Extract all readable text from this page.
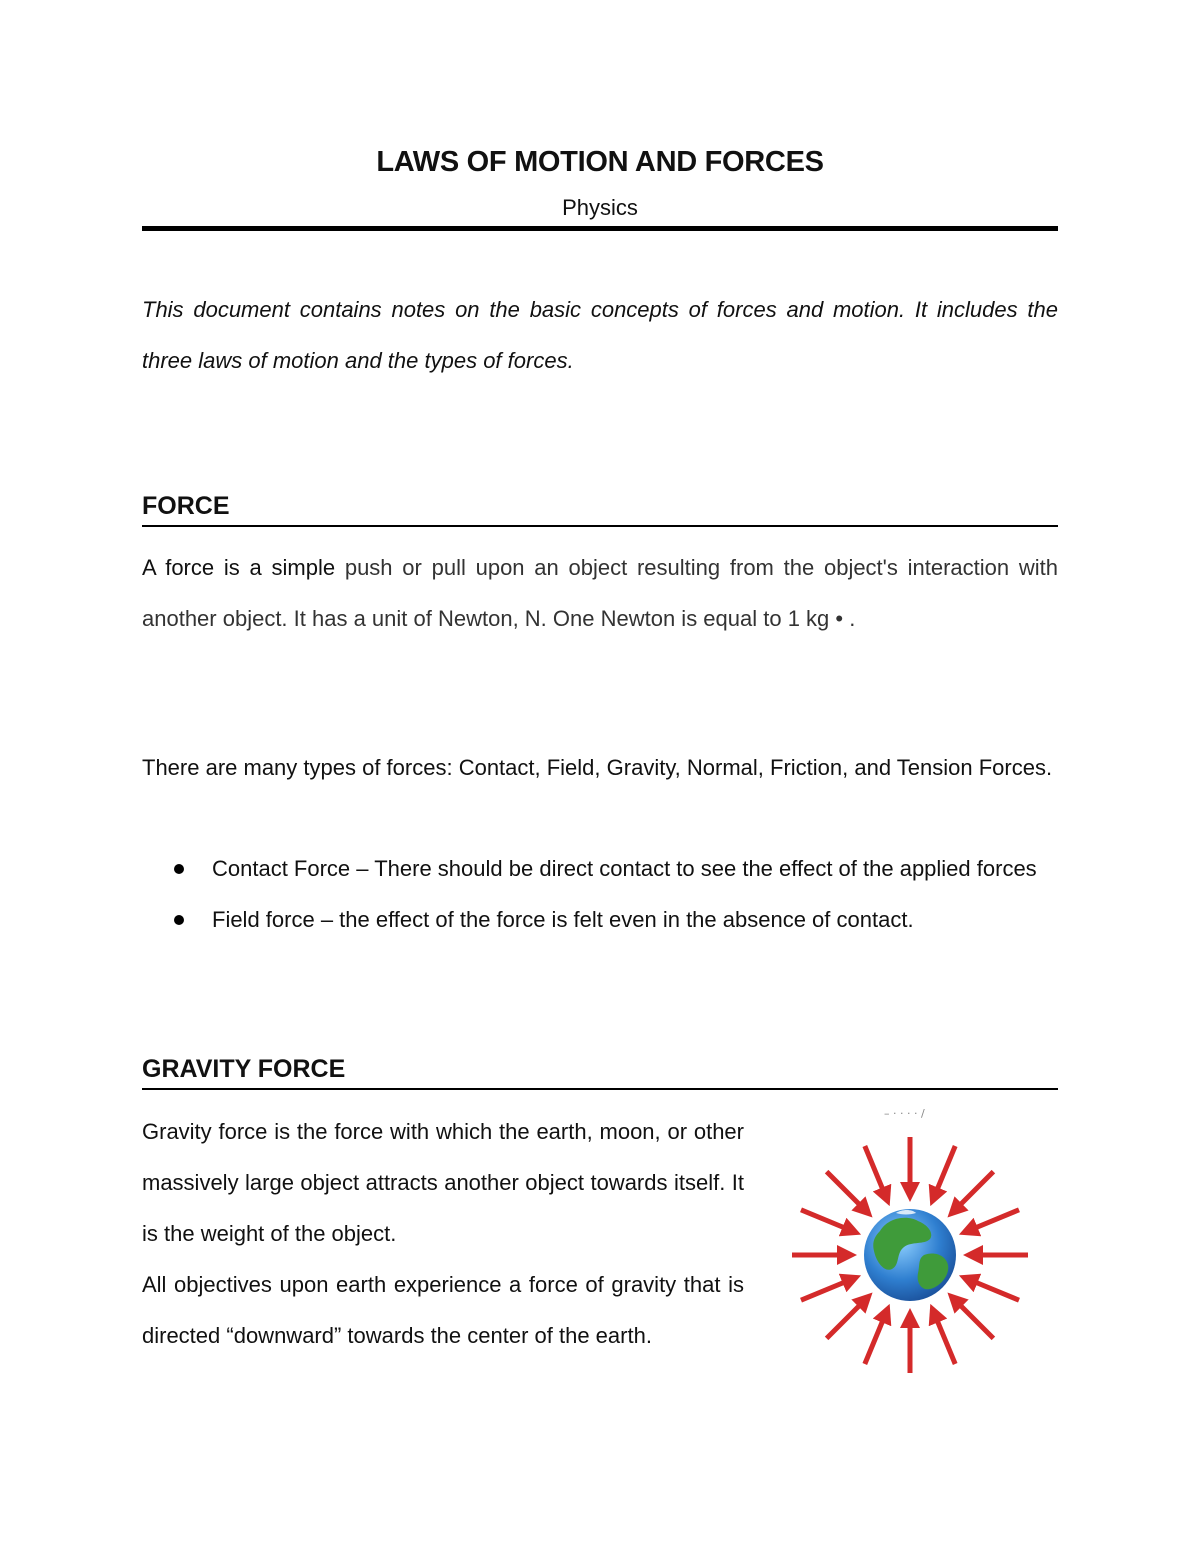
LAWS OF MOTION AND FORCES
Physics

This document contains notes on the basic concepts of forces and motion. It includes the three laws of motion and the types of forces.

FORCE

A force is a simple push or pull upon an object resulting from the object's interaction with another object. It has a unit of Newton, N. One Newton is equal to 1 kg • .

There are many types of forces: Contact, Field, Gravity, Normal, Friction, and Tension Forces.

Contact Force – There should be direct contact to see the effect of the applied forces
Field force – the effect of the force is felt even in the absence of contact.
GRAVITY FORCE
Gravity force is the force with which the earth, moon, or other massively large object attracts another object towards itself. It is the weight of the object.
All objectives upon earth experience a force of gravity that is directed “downward” towards the center of the earth.
– · · · · /
